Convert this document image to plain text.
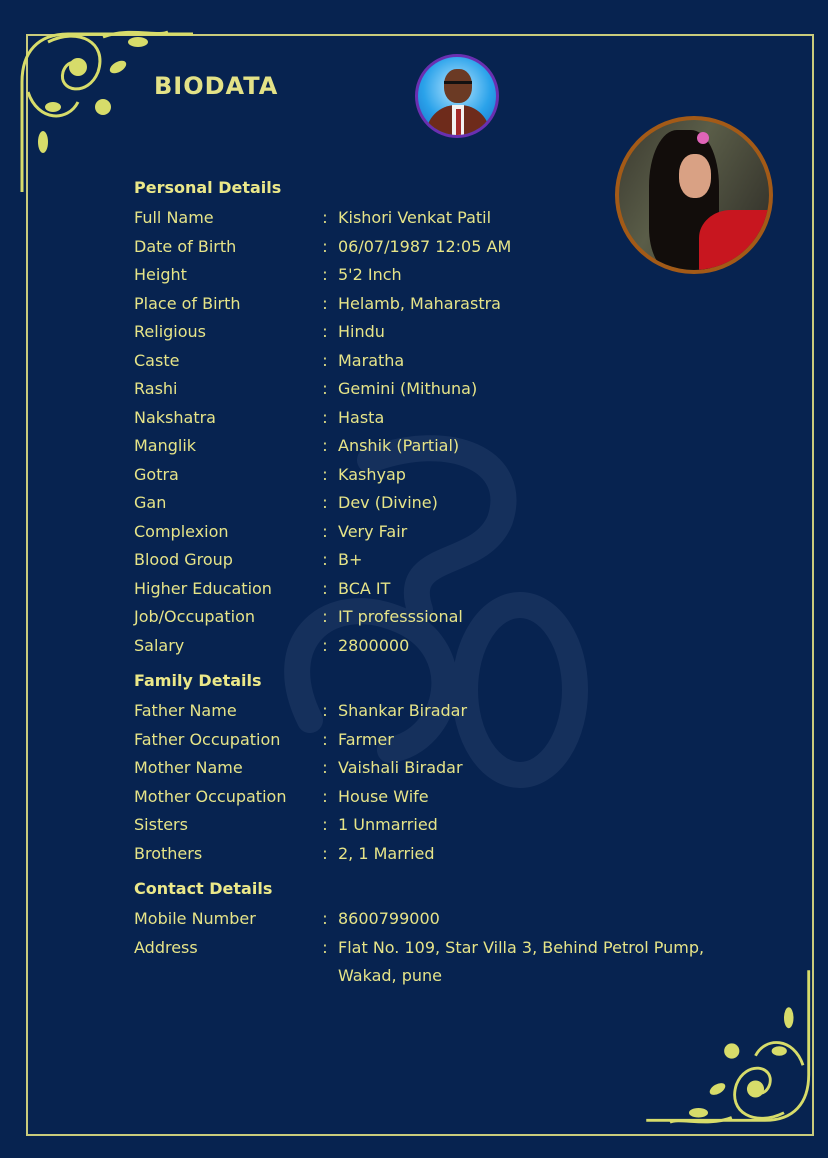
BIODATA
Personal Details
Full Name	: Kishori Venkat Patil
Date of Birth	: 06/07/1987 12:05 AM
Height	: 5'2 Inch
Place of Birth	: Helamb, Maharastra
Religious	: Hindu
Caste	: Maratha
Rashi	: Gemini (Mithuna)
Nakshatra	: Hasta
Manglik	: Anshik (Partial)
Gotra	: Kashyap
Gan	: Dev (Divine)
Complexion	: Very Fair
Blood Group	: B+
Higher Education	: BCA IT
Job/Occupation	: IT professsional
Salary	: 2800000
Family Details
Father Name	: Shankar Biradar
Father Occupation	: Farmer
Mother Name	: Vaishali Biradar
Mother Occupation	: House Wife
Sisters	: 1 Unmarried
Brothers	: 2, 1 Married
Contact Details
Mobile Number	: 8600799000
Address	: Flat No. 109, Star Villa 3, Behind Petrol Pump,
Wakad, pune
